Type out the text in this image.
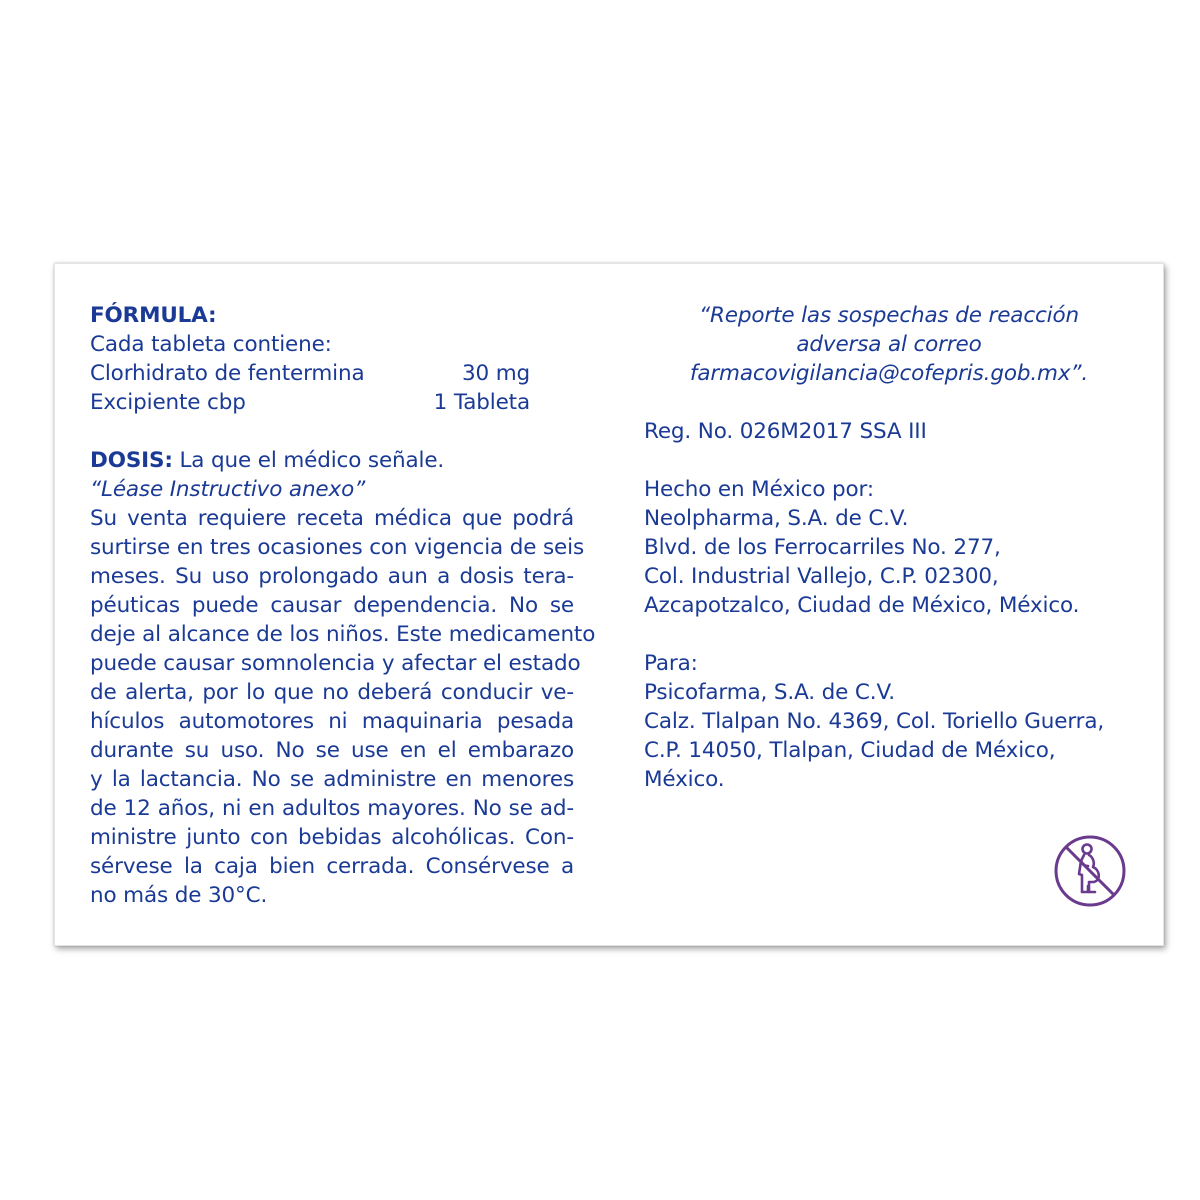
FÓRMULA:
Cada tableta contiene:
Clorhidrato de fentermina	30 mg
Excipiente cbp	1 Tableta
DOSIS: La que el médico señale.
“Léase Instructivo anexo”
Su venta requiere receta médica que podrá
surtirse en tres ocasiones con vigencia de seis
meses. Su uso prolongado aun a dosis tera-
péuticas puede causar dependencia. No se
deje al alcance de los niños. Este medicamento
puede causar somnolencia y afectar el estado
de alerta, por lo que no deberá conducir ve-
hículos automotores ni maquinaria pesada
durante su uso. No se use en el embarazo
y la lactancia. No se administre en menores
de 12 años, ni en adultos mayores. No se ad-
ministre junto con bebidas alcohólicas. Con-
sérvese la caja bien cerrada. Consérvese a
no más de 30°C.
“Reporte las sospechas de reacción
adversa al correo
farmacovigilancia@cofepris.gob.mx”.
Reg. No. 026M2017 SSA III
Hecho en México por:
Neolpharma, S.A. de C.V.
Blvd. de los Ferrocarriles No. 277,
Col. Industrial Vallejo, C.P. 02300,
Azcapotzalco, Ciudad de México, México.
Para:
Psicofarma, S.A. de C.V.
Calz. Tlalpan No. 4369, Col. Toriello Guerra,
C.P. 14050, Tlalpan, Ciudad de México,
México.
